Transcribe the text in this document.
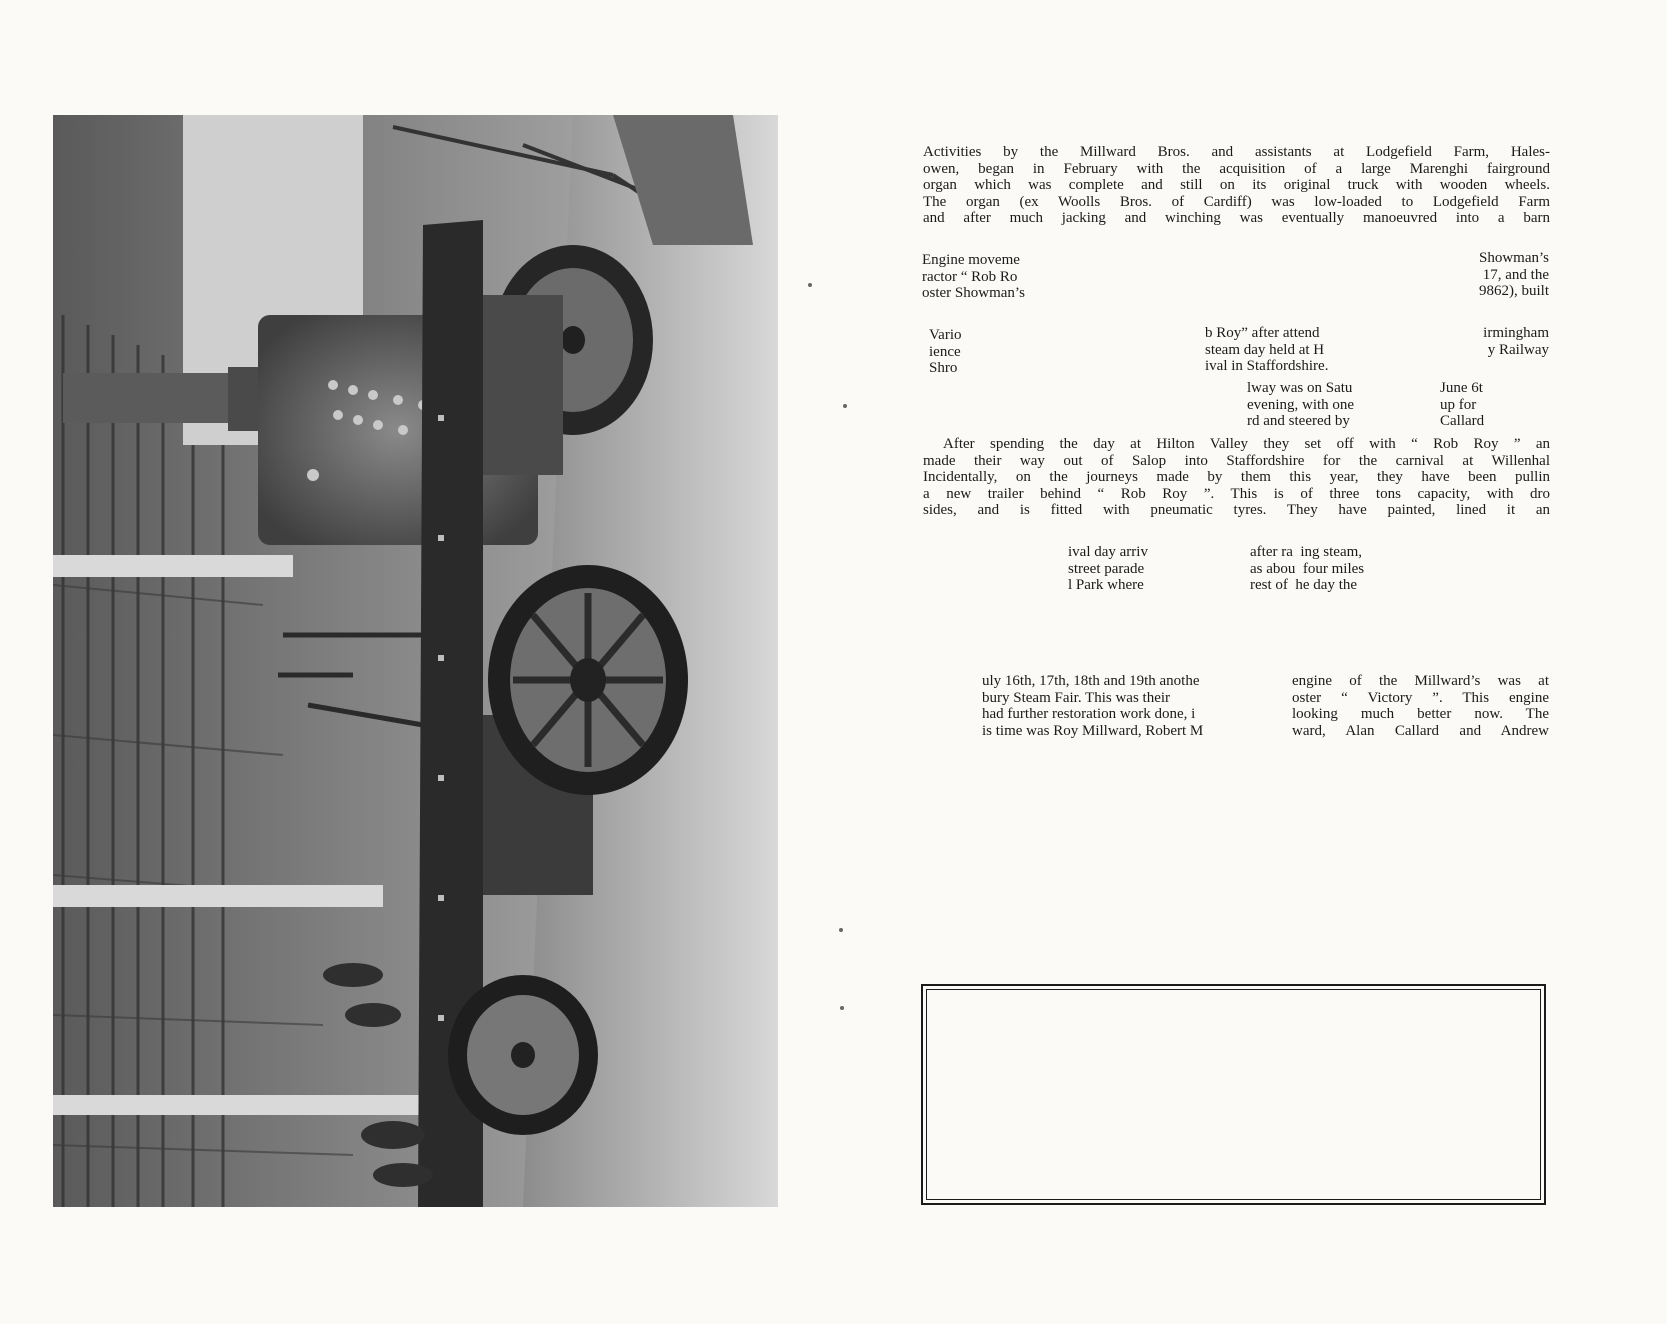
Activities by the Millward Bros. and assistants at Lodgefield Farm, Hales-
owen, began in February with the acquisition of a large Marenghi fairground
organ which was complete and still on its original truck with wooden wheels.
The organ (ex Woolls Bros. of Cardiff) was low-loaded to Lodgefield Farm
and after much jacking and winching was eventually manoeuvred into a barn
Engine moveme
ractor “ Rob Ro
oster Showman’s
Showman’s
17, and the
9862), built
Vario
ience
Shro
b Roy” after attend
steam day held at H
ival in Staffordshire.
irmingham
y Railway
lway was on Satu
evening, with one
rd and steered by
June 6t
up for
Callard
After spending the day at Hilton Valley they set off with “ Rob Roy ” an
made their way out of Salop into Staffordshire for the carnival at Willenhal
Incidentally, on the journeys made by them this year, they have been pullin
a new trailer behind “ Rob Roy ”. This is of three tons capacity, with dro
sides, and is fitted with pneumatic tyres. They have painted, lined it an
ival day arriv
street parade
l Park where
after ra  ing steam,
as abou  four miles
rest of  he day the
uly 16th, 17th, 18th and 19th anothe
bury Steam Fair. This was their
had further restoration work done, i
is time was Roy Millward, Robert M
engine of the Millward’s was at
oster “ Victory ”. This engine
looking much better now. The
ward, Alan Callard and Andrew
